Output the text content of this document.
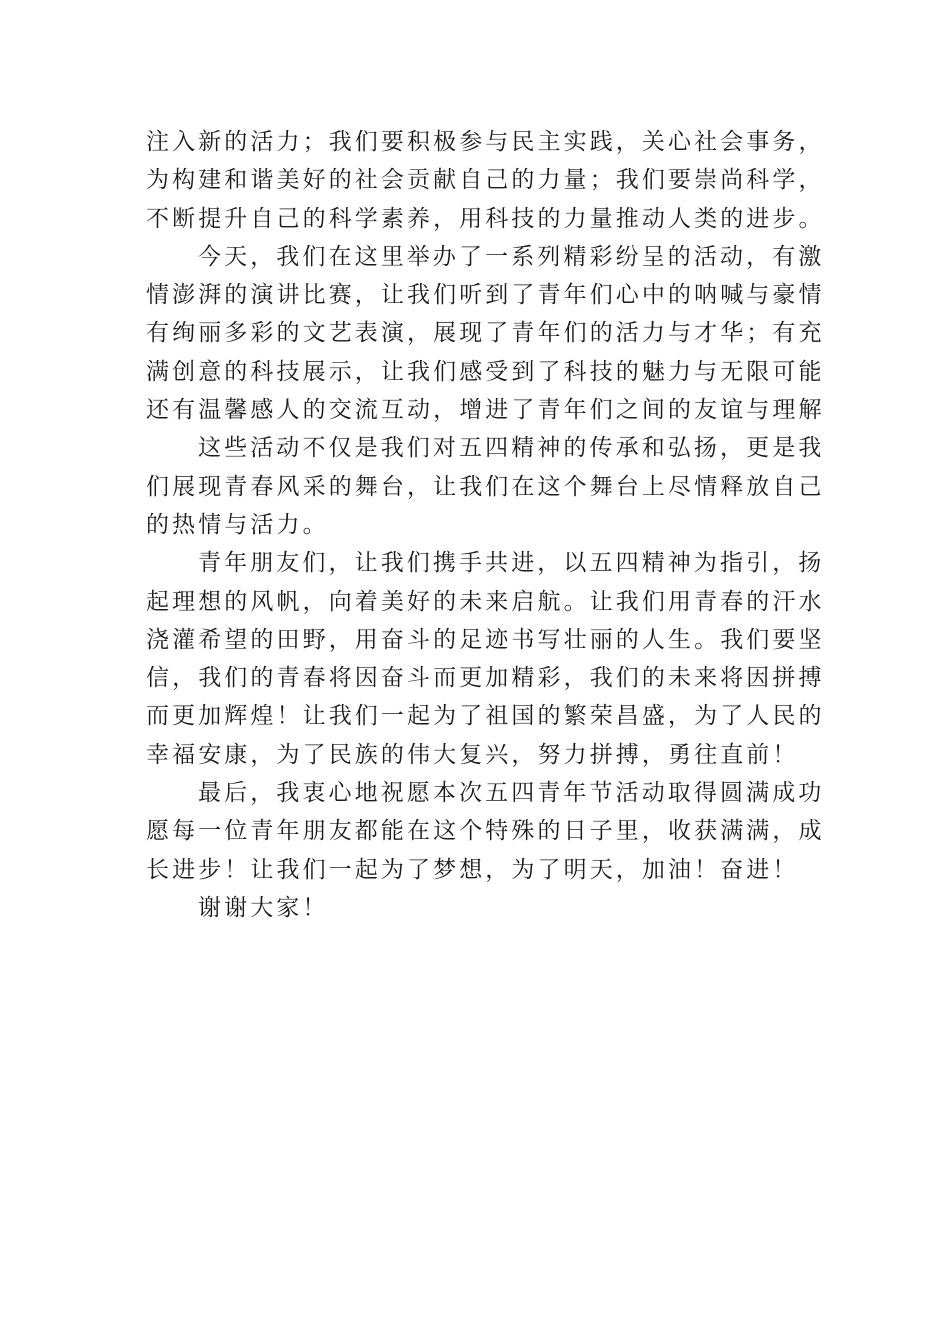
注入新的活力；我们要积极参与民主实践，关心社会事务，
为构建和谐美好的社会贡献自己的力量；我们要崇尚科学，
不断提升自己的科学素养，用科技的力量推动人类的进步。
今天，我们在这里举办了一系列精彩纷呈的活动，有激
情澎湃的演讲比赛，让我们听到了青年们心中的呐喊与豪情
有绚丽多彩的文艺表演，展现了青年们的活力与才华；有充
满创意的科技展示，让我们感受到了科技的魅力与无限可能
还有温馨感人的交流互动，增进了青年们之间的友谊与理解
这些活动不仅是我们对五四精神的传承和弘扬，更是我
们展现青春风采的舞台，让我们在这个舞台上尽情释放自己
的热情与活力。
青年朋友们，让我们携手共进，以五四精神为指引，扬
起理想的风帆，向着美好的未来启航。让我们用青春的汗水
浇灌希望的田野，用奋斗的足迹书写壮丽的人生。我们要坚
信，我们的青春将因奋斗而更加精彩，我们的未来将因拼搏
而更加辉煌！让我们一起为了祖国的繁荣昌盛，为了人民的
幸福安康，为了民族的伟大复兴，努力拼搏，勇往直前！
最后，我衷心地祝愿本次五四青年节活动取得圆满成功
愿每一位青年朋友都能在这个特殊的日子里，收获满满，成
长进步！让我们一起为了梦想，为了明天，加油！奋进！
谢谢大家！
